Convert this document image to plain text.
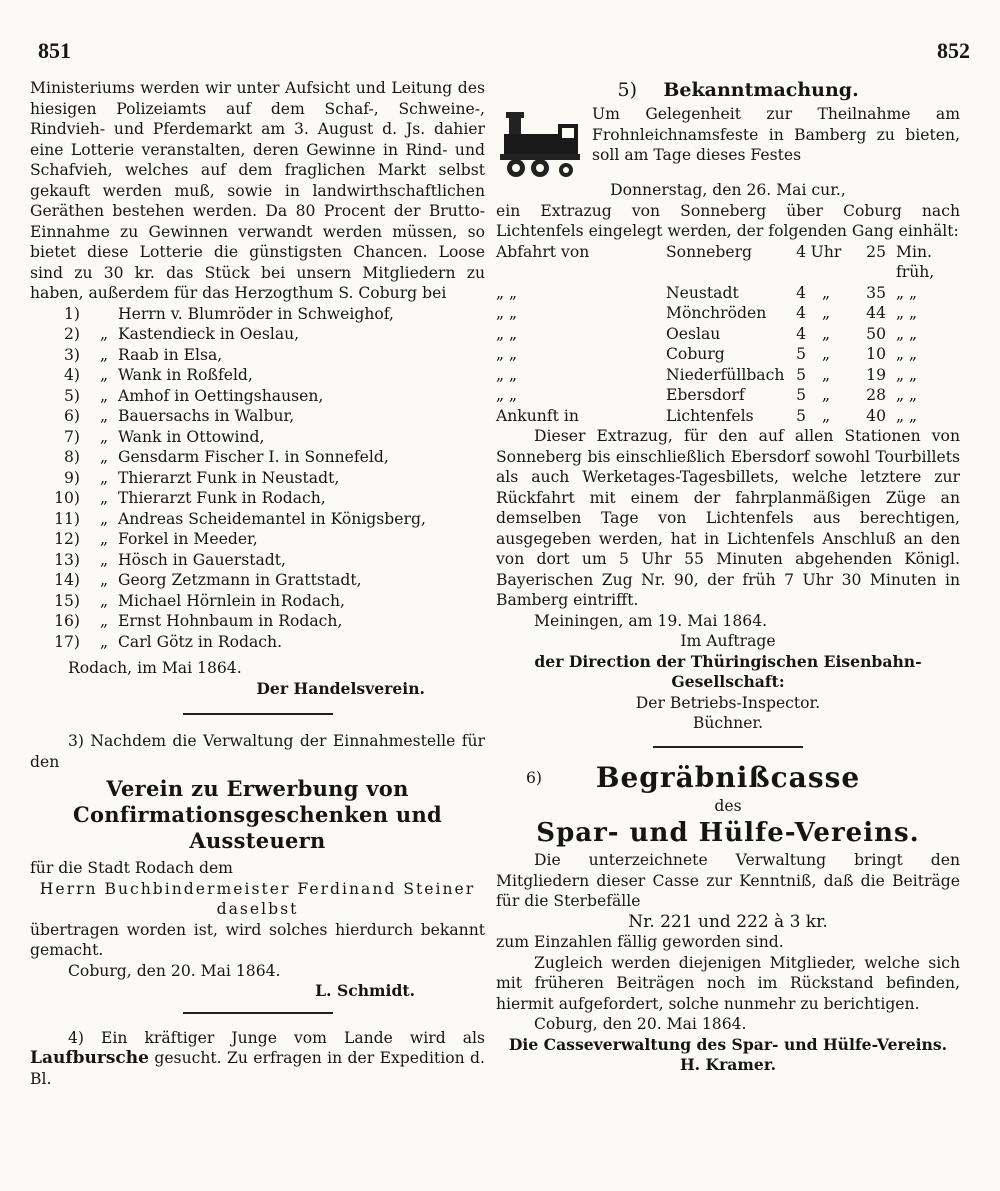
851	852

Ministeriums werden wir unter Aufsicht und Leitung des hiesigen Polizeiamts auf dem Schaf-, Schweine-, Rindvieh- und Pferdemarkt am 3. August d. Js. dahier eine Lotterie veranstalten, deren Gewinne in Rind- und Schafvieh, welches auf dem fraglichen Markt selbst gekauft werden muß, sowie in landwirthschaftlichen Geräthen bestehen werden. Da 80 Procent der Brutto-Einnahme zu Gewinnen verwandt werden müssen, so bietet diese Lotterie die günstigsten Chancen. Loose sind zu 30 kr. das Stück bei unsern Mitgliedern zu haben, außerdem für das Herzogthum S. Coburg bei

1)	Herrn v. Blumröder in Schweighof,
2)	„ Kastendieck in Oeslau,
3)	„ Raab in Elsa,
4)	„ Wank in Roßfeld,
5)	„ Amhof in Oettingshausen,
6)	„ Bauersachs in Walbur,
7)	„ Wank in Ottowind,
8)	„ Gensdarm Fischer I. in Sonnefeld,
9)	„ Thierarzt Funk in Neustadt,
10)	„ Thierarzt Funk in Rodach,
11)	„ Andreas Scheidemantel in Königsberg,
12)	„ Forkel in Meeder,
13)	„ Hösch in Gauerstadt,
14)	„ Georg Zetzmann in Grattstadt,
15)	„ Michael Hörnlein in Rodach,
16)	„ Ernst Hohnbaum in Rodach,
17)	„ Carl Götz in Rodach.

Rodach, im Mai 1864.

Der Handelsverein.

3) Nachdem die Verwaltung der Einnahmestelle für den

Verein zu Erwerbung von Confirmationsgeschenken und Aussteuern

für die Stadt Rodach dem

Herrn Buchbindermeister Ferdinand Steiner daselbst

übertragen worden ist, wird solches hierdurch bekannt gemacht.

Coburg, den 20. Mai 1864.

L. Schmidt.

4) Ein kräftiger Junge vom Lande wird als Laufbursche gesucht. Zu erfragen in der Expedition d. Bl.

5) Bekanntmachung.

Um Gelegenheit zur Theilnahme am Frohnleichnamsfeste in Bamberg zu bieten, soll am Tage dieses Festes

Donnerstag, den 26. Mai cur.,

ein Extrazug von Sonneberg über Coburg nach Lichtenfels eingelegt werden, der folgenden Gang einhält:

Abfahrt von	Sonneberg	4 Uhr	25 Min. früh,
„ „	Neustadt	4	„	35 „ „
„ „	Mönchröden	4	„	44 „ „
„ „	Oeslau	4	„	50 „ „
„ „	Coburg	5	„	10 „ „
„ „	Niederfüllbach 5	„	19 „ „
„ „	Ebersdorf	5	„	28 „ „
Ankunft in	Lichtenfels	5	„	40 „ „

Dieser Extrazug, für den auf allen Stationen von Sonneberg bis einschließlich Ebersdorf sowohl Tourbillets als auch Werketages-Tagesbillets, welche letztere zur Rückfahrt mit einem der fahrplanmäßigen Züge an demselben Tage von Lichtenfels aus berechtigen, ausgegeben werden, hat in Lichtenfels Anschluß an den von dort um 5 Uhr 55 Minuten abgehenden Königl. Bayerischen Zug Nr. 90, der früh 7 Uhr 30 Minuten in Bamberg eintrifft.

Meiningen, am 19. Mai 1864.

Im Auftrage

der Direction der Thüringischen Eisenbahn-Gesellschaft:

Der Betriebs-Inspector.

Büchner.

6)	Begräbnißcasse

des

Spar- und Hülfe-Vereins.

Die unterzeichnete Verwaltung bringt den Mitgliedern dieser Casse zur Kenntniß, daß die Beiträge für die Sterbefälle

Nr. 221 und 222 à 3 kr.

zum Einzahlen fällig geworden sind.

Zugleich werden diejenigen Mitglieder, welche sich mit früheren Beiträgen noch im Rückstand befinden, hiermit aufgefordert, solche nunmehr zu berichtigen.

Coburg, den 20. Mai 1864.

Die Casseverwaltung des Spar- und Hülfe-Vereins.

H. Kramer.
